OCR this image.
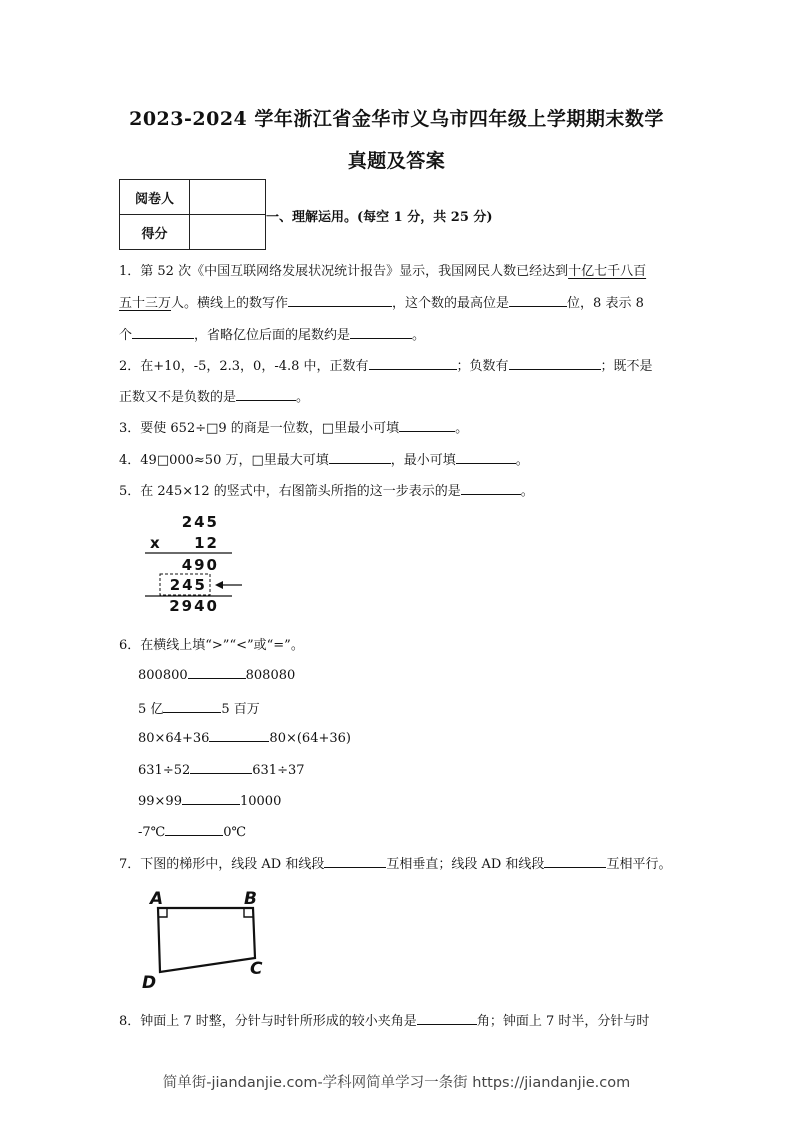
2023-2024 学年浙江省金华市义乌市四年级上学期期末数学
真题及答案
阅卷人	
得分	
一、理解运用。(每空 1 分，共 25 分)
1．第 52 次《中国互联网络发展状况统计报告》显示，我国网民人数已经达到十亿七千八百
五十三万人。横线上的数写作	，这个数的最高位是	位，8 表示 8
个	，省略亿位后面的尾数约是	。
2．在+10，-5，2.3，0，-4.8 中，正数有	；负数有	；既不是
正数又不是负数的是	。
3．要使 652÷□9 的商是一位数，□里最小可填	。
4．49□000≈50 万，□里最大可填	，最小可填	。
5．在 245×12 的竖式中，右图箭头所指的这一步表示的是	。
245
x 12
490
245
2940
6．在横线上填“>”“<”或“=”。
800800	808080
5 亿	5 百万
80×64+36	80×(64+36)
631÷52	631÷37
99×99	10000
-7℃	0℃
7．下图的梯形中，线段 AD 和线段	互相垂直；线段 AD 和线段	互相平行。
A	B
C
D
8．钟面上 7 时整，分针与时针所形成的较小夹角是	角；钟面上 7 时半，分针与时
简单街-jiandanjie.com-学科网简单学习一条街 https://jiandanjie.com
